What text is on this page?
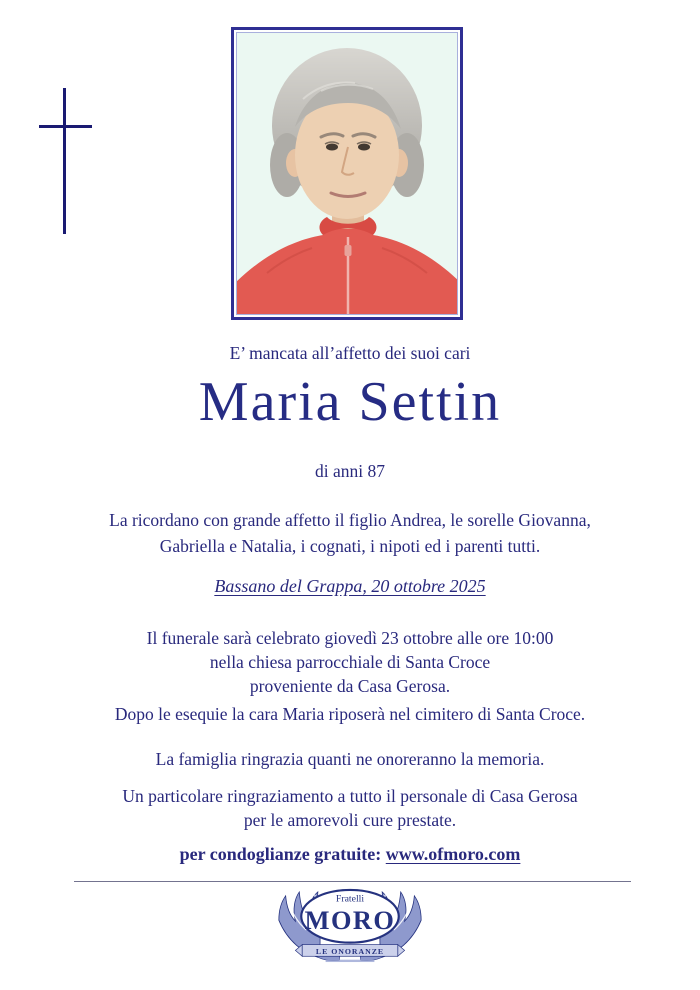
E’ mancata all’affetto dei suoi cari

Maria Settin

di anni 87

La ricordano con grande affetto il figlio Andrea, le sorelle Giovanna,
Gabriella e Natalia, i cognati, i nipoti ed i parenti tutti.

Bassano del Grappa, 20 ottobre 2025

Il funerale sarà celebrato giovedì 23 ottobre alle ore 10:00
nella chiesa parrocchiale di Santa Croce
proveniente da Casa Gerosa.

Dopo le esequie la cara Maria riposerà nel cimitero di Santa Croce.

La famiglia ringrazia quanti ne onoreranno la memoria.

Un particolare ringraziamento a tutto il personale di Casa Gerosa
per le amorevoli cure prestate.

per condoglianze gratuite: www.ofmoro.com

Fratelli
MORO
LE ONORANZE
